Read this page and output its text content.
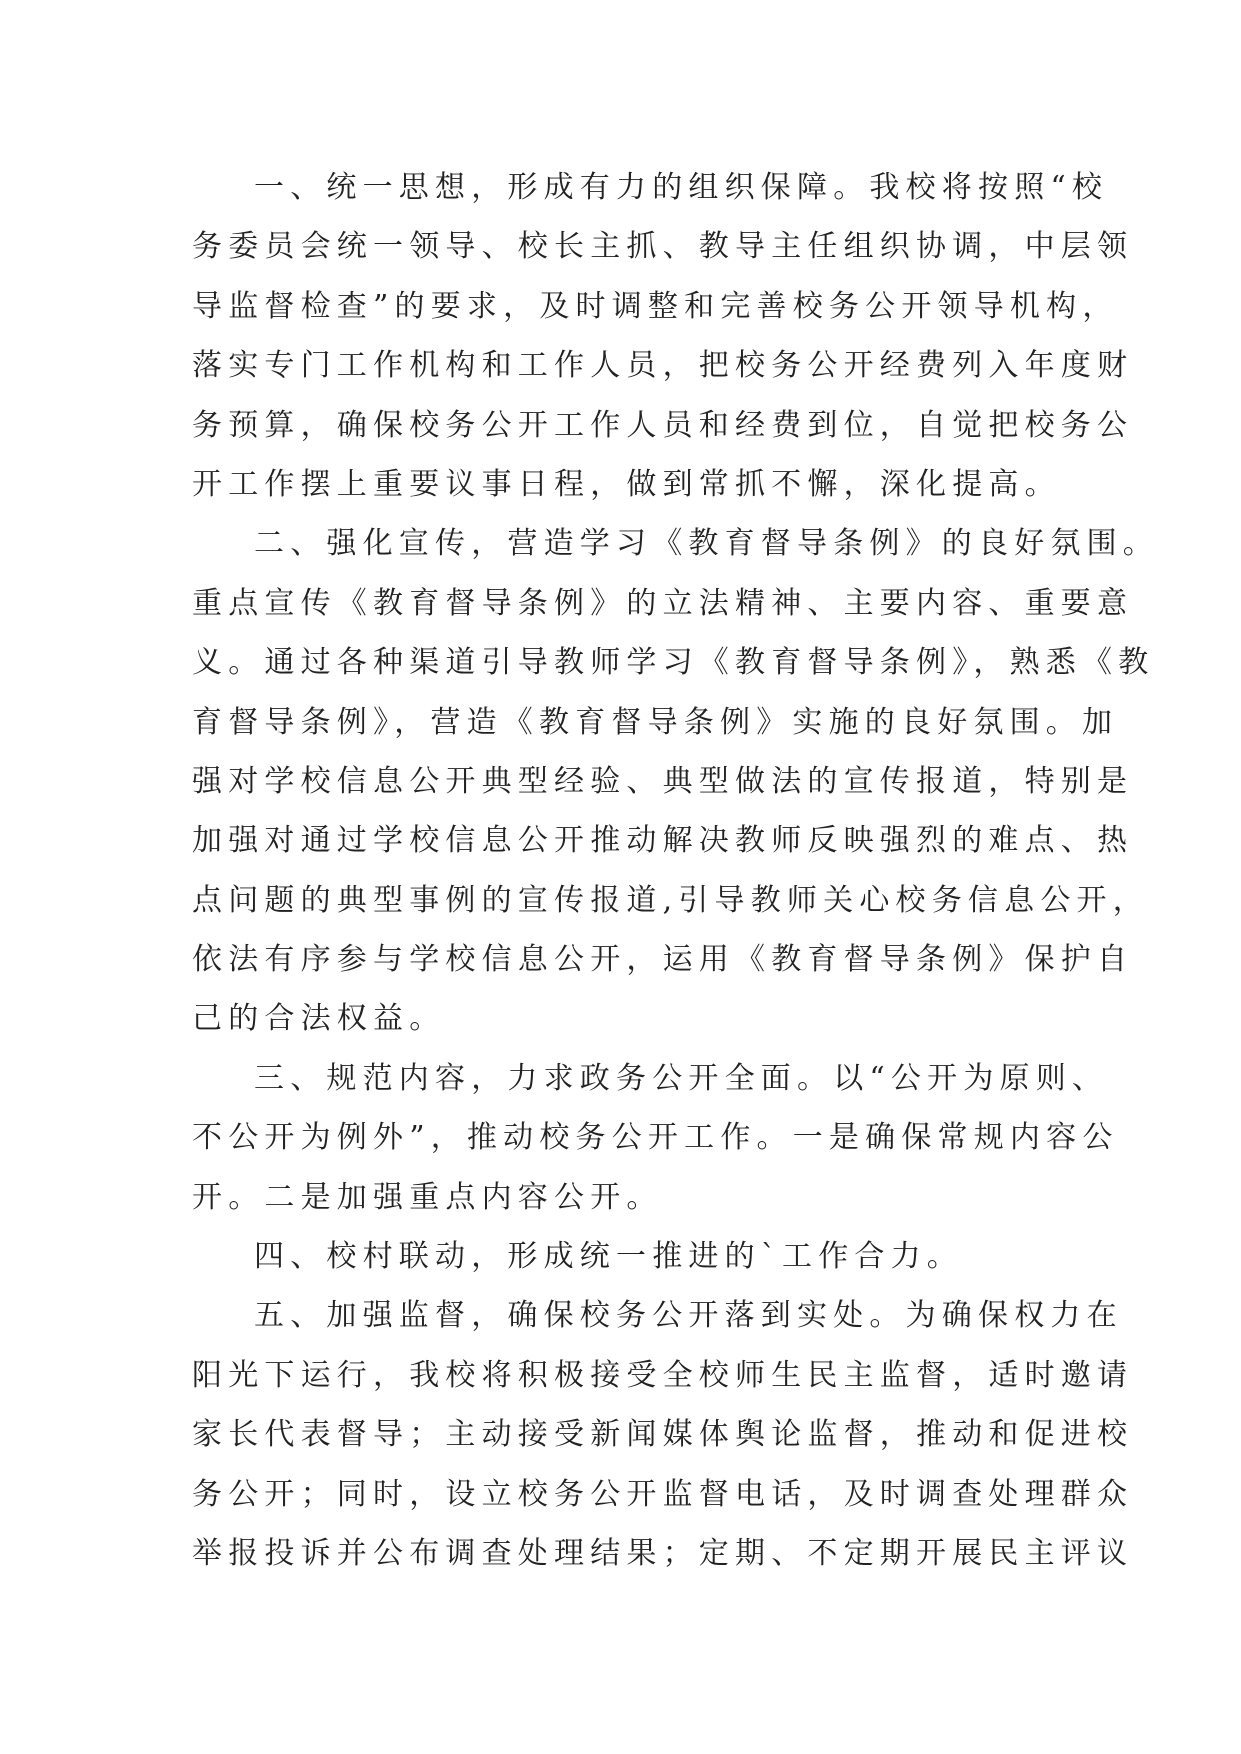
一、统一思想，形成有力的组织保障。我校将按照“校
务委员会统一领导、校长主抓、教导主任组织协调，中层领
导监督检查”的要求，及时调整和完善校务公开领导机构，
落实专门工作机构和工作人员，把校务公开经费列入年度财
务预算，确保校务公开工作人员和经费到位，自觉把校务公
开工作摆上重要议事日程，做到常抓不懈，深化提高。
二、强化宣传，营造学习《教育督导条例》的良好氛围。
重点宣传《教育督导条例》的立法精神、主要内容、重要意
义。通过各种渠道引导教师学习《教育督导条例》，熟悉《教
育督导条例》，营造《教育督导条例》实施的良好氛围。加
强对学校信息公开典型经验、典型做法的宣传报道，特别是
加强对通过学校信息公开推动解决教师反映强烈的难点、热
点问题的典型事例的宣传报道,引导教师关心校务信息公开，
依法有序参与学校信息公开，运用《教育督导条例》保护自
己的合法权益。
三、规范内容，力求政务公开全面。以“公开为原则、
不公开为例外”，推动校务公开工作。一是确保常规内容公
开。二是加强重点内容公开。
四、校村联动，形成统一推进的`工作合力。
五、加强监督，确保校务公开落到实处。为确保权力在
阳光下运行，我校将积极接受全校师生民主监督，适时邀请
家长代表督导；主动接受新闻媒体舆论监督，推动和促进校
务公开；同时，设立校务公开监督电话，及时调查处理群众
举报投诉并公布调查处理结果；定期、不定期开展民主评议
